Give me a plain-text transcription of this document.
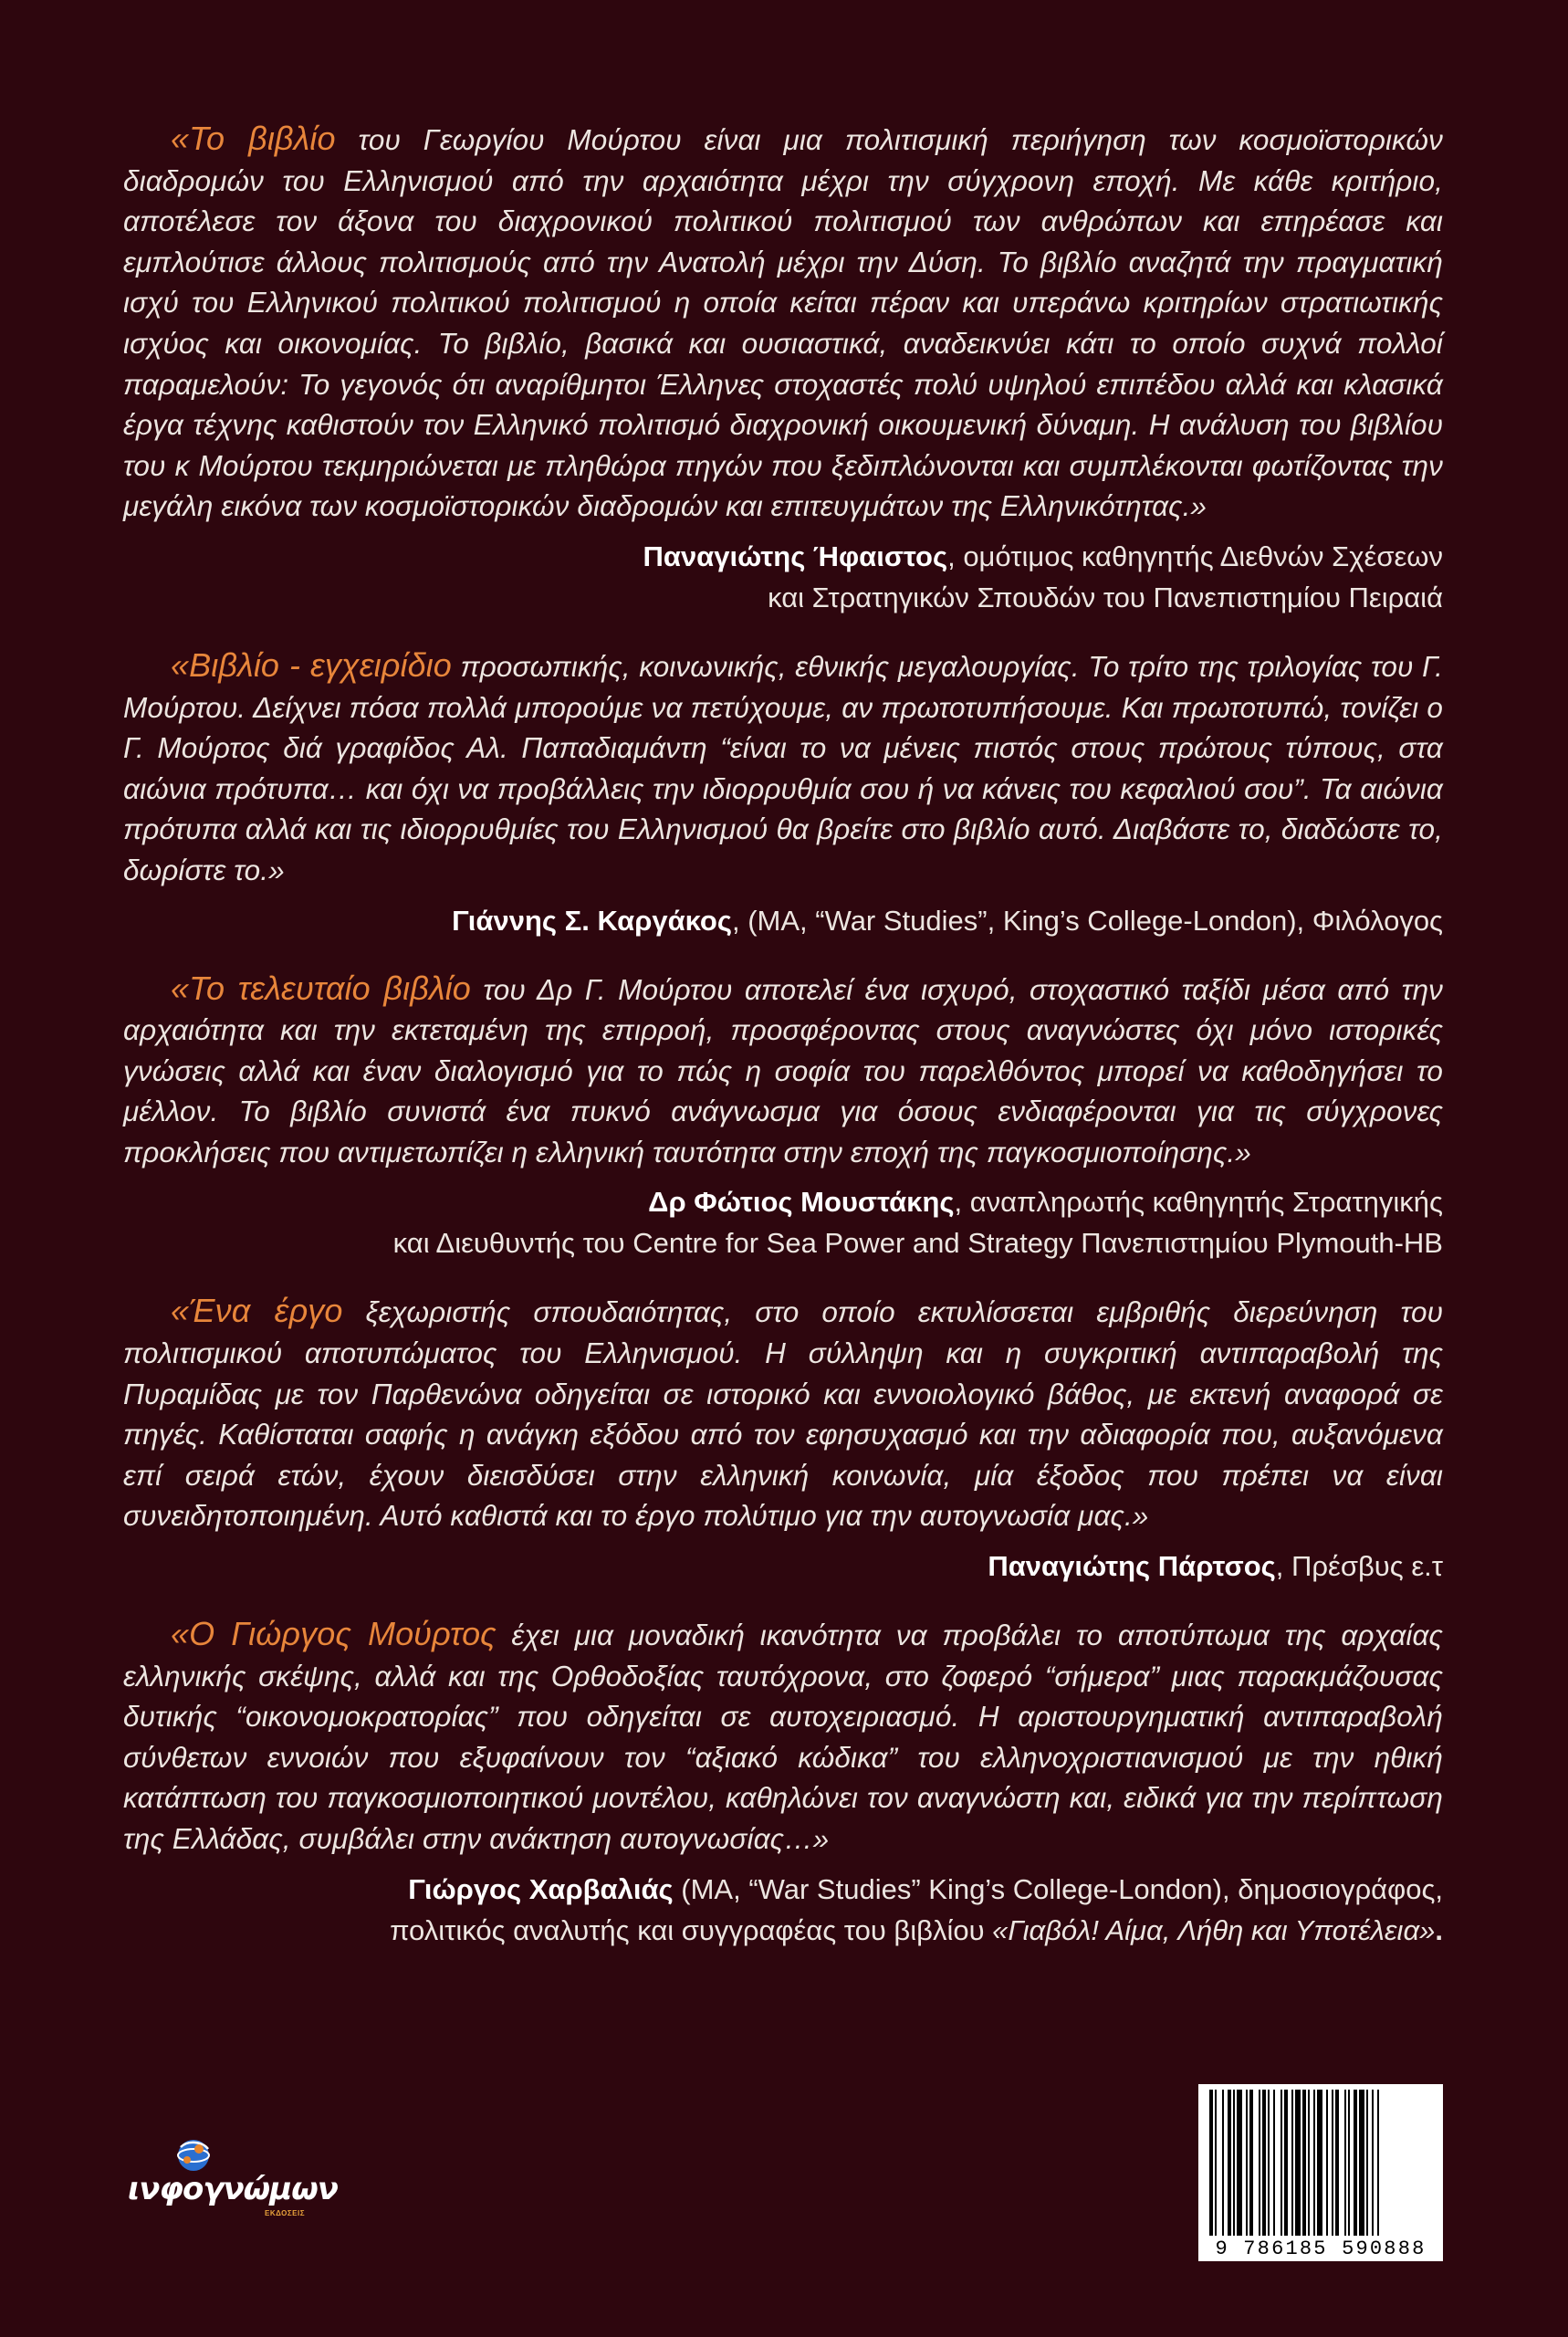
«Το βιβλίο του Γεωργίου Μούρτου είναι μια πολιτισμική περιήγηση των κοσμοϊστορικών διαδρομών του Ελληνισμού από την αρχαιότητα μέχρι την σύγχρονη εποχή. Με κάθε κριτήριο, αποτέλεσε τον άξονα του διαχρονικού πολιτικού πολιτισμού των ανθρώπων και επηρέασε και εμπλούτισε άλλους πολιτισμούς από την Ανατολή μέχρι την Δύση. Το βιβλίο αναζητά την πραγματική ισχύ του Ελληνικού πολιτικού πολιτισμού η οποία κείται πέραν και υπεράνω κριτηρίων στρατιωτικής ισχύος και οικονομίας. Το βιβλίο, βασικά και ουσιαστικά, αναδεικνύει κάτι το οποίο συχνά πολλοί παραμελούν: Το γεγονός ότι αναρίθμητοι Έλληνες στοχαστές πολύ υψηλού επιπέδου αλλά και κλασικά έργα τέχνης καθιστούν τον Ελληνικό πολιτισμό διαχρονική οικουμενική δύναμη. Η ανάλυση του βιβλίου του κ Μούρτου τεκμηριώνεται με πληθώρα πηγών που ξεδιπλώνονται και συμπλέκονται φωτίζοντας την μεγάλη εικόνα των κοσμοϊστορικών διαδρομών και επιτευγμάτων της Ελληνικότητας.»

Παναγιώτης Ήφαιστος, ομότιμος καθηγητής Διεθνών Σχέσεων
και Στρατηγικών Σπουδών του Πανεπιστημίου Πειραιά

«Βιβλίο - εγχειρίδιο προσωπικής, κοινωνικής, εθνικής μεγαλουργίας. Το τρίτο της τριλογίας του Γ. Μούρτου. Δείχνει πόσα πολλά μπορούμε να πετύχουμε, αν πρωτοτυπήσουμε. Και πρωτοτυπώ, τονίζει ο Γ. Μούρτος διά γραφίδος Αλ. Παπαδιαμάντη “είναι το να μένεις πιστός στους πρώτους τύπους, στα αιώνια πρότυπα… και όχι να προβάλλεις την ιδιορρυθμία σου ή να κάνεις του κεφαλιού σου”. Τα αιώνια πρότυπα αλλά και τις ιδιορρυθμίες του Ελληνισμού θα βρείτε στο βιβλίο αυτό. Διαβάστε το, διαδώστε το, δωρίστε το.»

Γιάννης Σ. Καργάκος, (MA, “War Studies”, King’s College-London), Φιλόλογος

«Το τελευταίο βιβλίο του Δρ Γ. Μούρτου αποτελεί ένα ισχυρό, στοχαστικό ταξίδι μέσα από την αρχαιότητα και την εκτεταμένη της επιρροή, προσφέροντας στους αναγνώστες όχι μόνο ιστορικές γνώσεις αλλά και έναν διαλογισμό για το πώς η σοφία του παρελθόντος μπορεί να καθοδηγήσει το μέλλον. Το βιβλίο συνιστά ένα πυκνό ανάγνωσμα για όσους ενδιαφέρονται για τις σύγχρονες προκλήσεις που αντιμετωπίζει η ελληνική ταυτότητα στην εποχή της παγκοσμιοποίησης.»

Δρ Φώτιος Μουστάκης, αναπληρωτής καθηγητής Στρατηγικής
και Διευθυντής του Centre for Sea Power and Strategy Πανεπιστημίου Plymouth-HB

«Ένα έργο ξεχωριστής σπουδαιότητας, στο οποίο εκτυλίσσεται εμβριθής διερεύνηση του πολιτισμικού αποτυπώματος του Ελληνισμού. Η σύλληψη και η συγκριτική αντιπαραβολή της Πυραμίδας με τον Παρθενώνα οδηγείται σε ιστορικό και εννοιολογικό βάθος, με εκτενή αναφορά σε πηγές. Καθίσταται σαφής η ανάγκη εξόδου από τον εφησυχασμό και την αδιαφορία που, αυξανόμενα επί σειρά ετών, έχουν διεισδύσει στην ελληνική κοινωνία, μία έξοδος που πρέπει να είναι συνειδητοποιημένη. Αυτό καθιστά και το έργο πολύτιμο για την αυτογνωσία μας.»

Παναγιώτης Πάρτσος, Πρέσβυς ε.τ

«Ο Γιώργος Μούρτος έχει μια μοναδική ικανότητα να προβάλει το αποτύπωμα της αρχαίας ελληνικής σκέψης, αλλά και της Ορθοδοξίας ταυτόχρονα, στο ζοφερό “σήμερα” μιας παρακμάζουσας δυτικής “οικονομοκρατορίας” που οδηγείται σε αυτοχειριασμό. Η αριστουργηματική αντιπαραβολή σύνθετων εννοιών που εξυφαίνουν τον “αξιακό κώδικα” του ελληνοχριστιανισμού με την ηθική κατάπτωση του παγκοσμιοποιητικού μοντέλου, καθηλώνει τον αναγνώστη και, ειδικά για την περίπτωση της Ελλάδας, συμβάλει στην ανάκτηση αυτογνωσίας…»

Γιώργος Χαρβαλιάς (MA, “War Studies” King’s College-London), δημοσιογράφος,
πολιτικός αναλυτής και συγγραφέας του βιβλίου «Γιαβόλ! Αίμα, Λήθη και Υποτέλεια».
ινφογνώμων
ΕΚΔΟΣΕΙΣ
9 786185 590888
